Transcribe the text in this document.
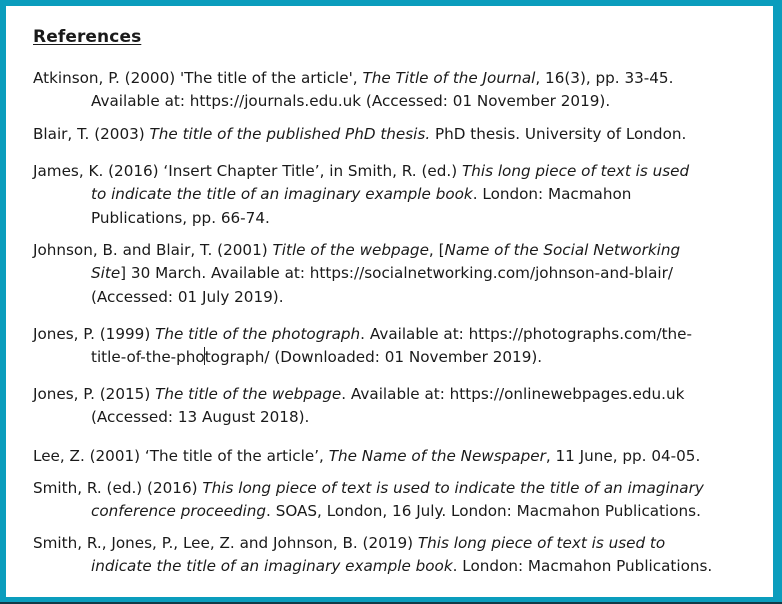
References
Atkinson, P. (2000) 'The title of the article', The Title of the Journal, 16(3), pp. 33-45.
Available at: https://journals.edu.uk (Accessed: 01 November 2019).
Blair, T. (2003) The title of the published PhD thesis. PhD thesis. University of London.
James, K. (2016) ‘Insert Chapter Title’, in Smith, R. (ed.) This long piece of text is used
to indicate the title of an imaginary example book. London: Macmahon
Publications, pp. 66-74.
Johnson, B. and Blair, T. (2001) Title of the webpage, [Name of the Social Networking
Site] 30 March. Available at: https://socialnetworking.com/johnson-and-blair/
(Accessed: 01 July 2019).
Jones, P. (1999) The title of the photograph. Available at: https://photographs.com/the-
title-of-the-photograph/ (Downloaded: 01 November 2019).
Jones, P. (2015) The title of the webpage. Available at: https://onlinewebpages.edu.uk
(Accessed: 13 August 2018).
Lee, Z. (2001) ‘The title of the article’, The Name of the Newspaper, 11 June, pp. 04-05.
Smith, R. (ed.) (2016) This long piece of text is used to indicate the title of an imaginary
conference proceeding. SOAS, London, 16 July. London: Macmahon Publications.
Smith, R., Jones, P., Lee, Z. and Johnson, B. (2019) This long piece of text is used to
indicate the title of an imaginary example book. London: Macmahon Publications.
